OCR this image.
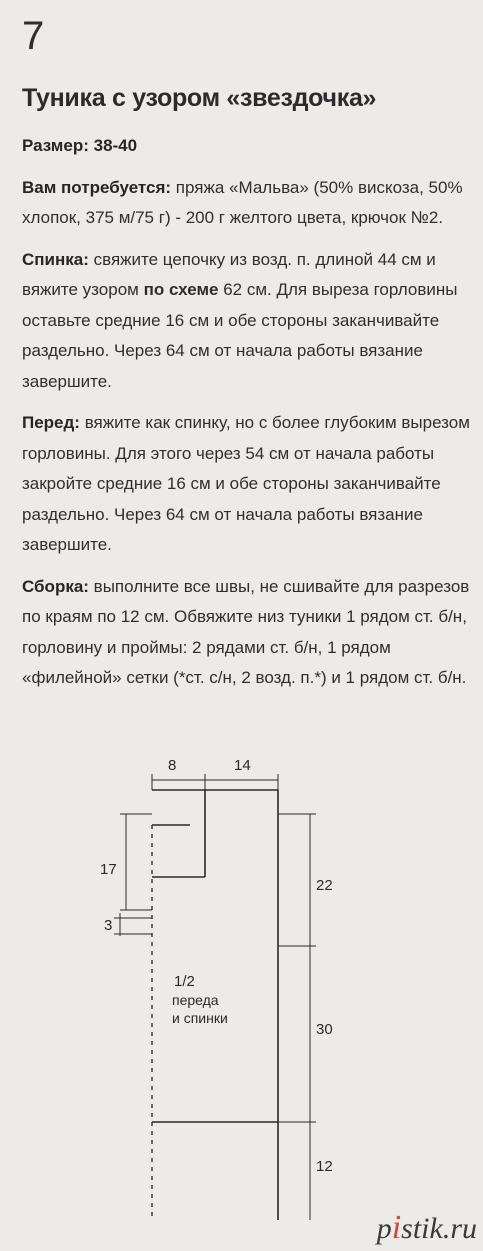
7
Туника с узором «звездочка»

Размер: 38-40

Вам потребуется: пряжа «Мальва» (50% вискоза, 50% хлопок, 375 м/75 г) - 200 г желтого цвета, крючок №2.

Спинка: свяжите цепочку из возд. п. длиной 44 см и вяжите узором по схеме 62 см. Для выреза горловины оставьте средние 16 см и обе стороны заканчивайте раздельно. Через 64 см от начала работы вязание завершите.

Перед: вяжите как спинку, но с более глубоким вырезом горловины. Для этого через 54 см от начала работы закройте средние 16 см и обе стороны заканчивайте раздельно. Через 64 см от начала работы вязание завершите.

Сборка: выполните все швы, не сшивайте для разрезов по краям по 12 см. Обвяжите низ туники 1 рядом ст. б/н, горловину и проймы: 2 рядами ст. б/н, 1 рядом «филейной» сетки (*ст. с/н, 2 возд. п.*) и 1 рядом ст. б/н.

8	14
17
3
22
30
12
1/2
переда
и спинки
pistik.ru
